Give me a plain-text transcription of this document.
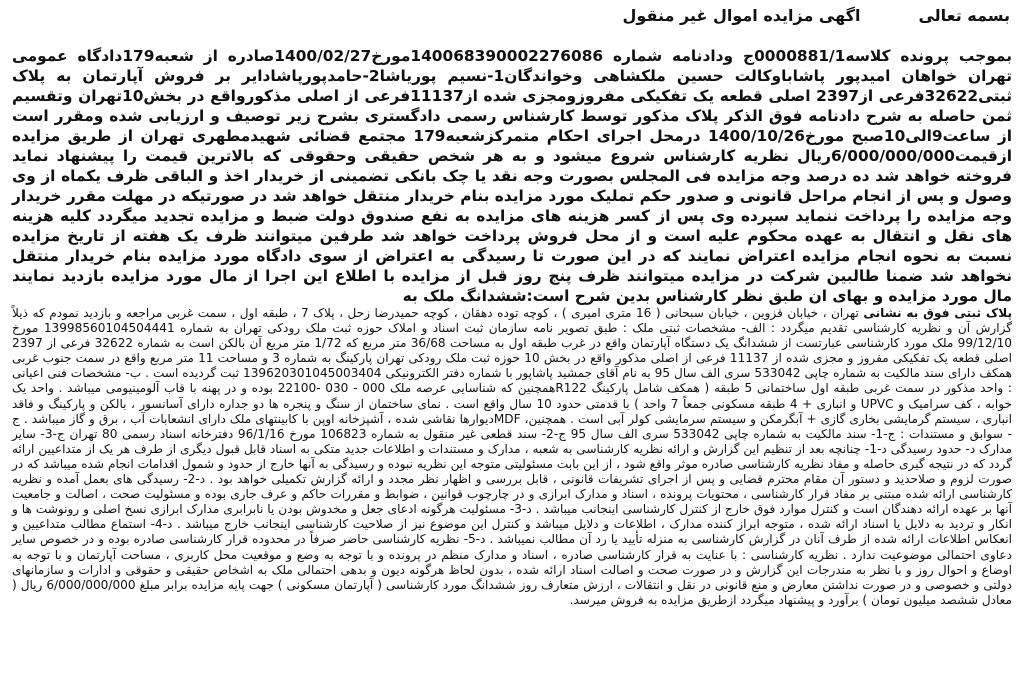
بسمه تعالی
اگهی مزایده اموال غیر منقول
بموجب پرونده کلاسه0000881/1ج ودادنامه شماره 140068390002276086مورخ1400/02/27صادره از شعبه179دادگاه عمومی تهران خواهان امیدپور پاشاباوکالت حسین ملکشاهی وخواندگان1-نسیم پوریاشا2-حامدپورپاشادایر بر فروش آپارتمان به پلاک ثبتی32622فرعی از2397 اصلی قطعه یک تفکیکی مفروزومجزی شده از11137فرعی از اصلی مذکورواقع در بخش10تهران وتقسیم ثمن حاصله به شرح دادنامه فوق الذکر پلاک مذکور توسط کارشناس رسمی دادگستری بشرح زیر توصیف و ارزیابی شده ومقرر است از ساعت9الی10صبح مورخ1400/10/26 درمحل اجرای احکام متمرکزشعبه179 مجتمع قضائی شهیدمطهری تهران از طریق مزایده ازقیمت6/000/000/000ریال نظریه کارشناس شروع میشود و به هر شخص حقیقی وحقوقی که بالاترین قیمت را پیشنهاد نماید فروخته خواهد شد ده درصد وجه مزایده فی المجلس بصورت وجه نقد یا چک بانکی تضمینی از خریدار اخذ و الباقی ظرف یکماه از وی وصول و پس از انجام مراحل قانونی و صدور حکم تملیک مورد مزایده بنام خریدار منتقل خواهد شد در صورتیکه در مهلت مقرر خریدار وجه مزایده را پرداخت ننماید سپرده وی پس از کسر هزینه های مزایده به نفع صندوق دولت ضبط و مزایده تجدید میگردد کلیه هزینه های نقل و انتقال به عهده محکوم علیه است و از محل فروش پرداخت خواهد شد طرفین میتوانند ظرف یک هفته از تاریخ مزایده نسبت به نحوه انجام مزایده اعتراض نمایند که در این صورت تا رسیدگی به اعتراض از سوی دادگاه مورد مزایده بنام خریدار منتقل نخواهد شد ضمنا طالبین شرکت در مزایده میتوانند ظرف پنج روز قبل از مزایده با اطلاع این اجرا از مال مورد مزایده بازدید نمایند مال مورد مزایده و بهای ان طبق نظر کارشناس بدین شرح است:ششدانگ ملک به
پلاک ثبتی فوق به نشانی تهران ، خیابان قزوین ، خیابان سبحانی ( 16 متری امیری ) ، کوچه توده دهقان ، کوچه حمیدرضا زحل ، پلاک 7 ، طبقه اول ، سمت غربی مراجعه و بازدید نمودم که ذیلاً گزارش آن و نظریه کارشناسی تقدیم میگردد : الف- مشخصات ثبتی ملک : طبق تصویر نامه سازمان ثبت اسناد و املاک حوزه ثبت ملک رودکی تهران به شماره 13998560104504441 مورخ 99/12/10 ملک مورد کارشناسی عبارتست از ششدانگ یک دستگاه آپارتمان واقع در غرب طبقه اول به مساحت 36/68 متر مربع که 1/72 متر مربع آن بالکن است به شماره 32622 فرعی از 2397 اصلی قطعه یک تفکیکی مفروز و مجزی شده از 11137 فرعی از اصلی مذکور واقع در بخش 10 حوزه ثبت ملک رودکی تهران پارکینگ به شماره 3 و مساحت 11 متر مربع واقع در سمت جنوب غربی همکف دارای سند مالکیت به شماره چاپی 533042 سری الف سال 95 به نام آقای جمشید پاشاپور با شماره دفتر الکترونیکی 139620301045003404 ثبت گردیده است . ب- مشخصات فنی اعیانی : واحد مذکور در سمت غربی طبقه اول ساختمانی 5 طبقه ( همکف شامل پارکینگ R122همچنین که شناسایی عرصه ملک 000 - 030 -22100 بوده و در پهنه با قاب آلومینیومی میباشد . واحد یک خوابه ، کف سرامیک و UPVC و انباری + 4 طبقه مسکونی جمعاً 7 واحد ) با قدمتی حدود 10 سال واقع است . نمای ساختمان از سنگ و پنجره ها دو جداره دارای آسانسور ، بالکن و پارکینگ و فاقد انباری ، سیستم گرمایشی بخاری گازی + آبگرمکن و سیستم سرمایشی کولر آبی است . همچنین، MDFدیوارها نقاشی شده ، آشپزخانه اوپن با کابینتهای ملک دارای انشعابات آب ، برق و گاز میباشد . ج - سوابق و مستندات : ج-1- سند مالکیت به شماره چاپی 533042 سری الف سال 95 ج-2- سند قطعی غیر منقول به شماره 106823 مورخ 96/1/16 دفترخانه اسناد رسمی 80 تهران ج-3- سایر مدارک د- حدود رسیدگی د-1- چنانچه بعد از تنظیم این گزارش و ارائه نظریه کارشناسی به شعبه ، مدارک و مستندات و اطلاعات جدید متکی به اسناد قابل قبول دیگری از طرف هر یک از متداعیین ارائه گردد که در نتیجه گیری حاصله و مفاد نظریه کارشناسی صادره موثر واقع شود ، از این بابت مسئولیتی متوجه این نظریه نبوده و رسیدگی به آنها خارج از حدود و شمول اقدامات انجام شده میباشد که در صورت لزوم و صلاحدید و دستور آن مقام محترم قضایی و پس از اجرای تشریفات قانونی ، قابل بررسی و اظهار نظر مجدد و ارائه گزارش تکمیلی خواهد بود . د-2- رسیدگی های بعمل آمده و نظریه کارشناسی ارائه شده مبتنی بر مفاد قرار کارشناسی ، محتویات پرونده ، اسناد و مدارک ابرازی و در چارچوب قوانین ، ضوابط و مقررات حاکم و عرف جاری بوده و مسئولیت صحت ، اصالت و جامعیت آنها بر عهده ارائه دهندگان است و کنترل موارد فوق خارج از کنترل کارشناسی اینجانب میباشد . د-3- مسئولیت هرگونه ادعای جعل و مخدوش بودن یا نابرابری مدارک ابرازی نسخ اصلی و رونوشت ها و انکار و تردید به دلایل یا اسناد ارائه شده ، متوجه ابراز کننده مدارک ، اطلاعات و دلایل میباشد و کنترل این موضوع نیز از صلاحیت کارشناسی اینجانب خارج میباشد . د-4- استماع مطالب متداعیین و انعکاس اطلاعات ارائه شده از طرف آنان در گزارش کارشناسی به منزله تأیید یا رد آن مطالب نمیباشد . د-5- نظریه کارشناسی حاضر صرفاً در محدوده قرار کارشناسی صادره بوده و در خصوص سایر دعاوی احتمالی موضوعیت ندارد . نظریه کارشناسی : با عنایت به قرار کارشناسی صادره ، اسناد و مدارک منظم در پرونده و با توجه به وضع و موقعیت محل کاربری ، مساحت آپارتمان و با توجه به اوضاع و احوال روز و با نظر به مندرجات این گزارش و در صورت صحت و اصالت اسناد ارائه شده ، بدون لحاظ هرگونه دیون و بدهی احتمالی ملک به اشخاص حقیقی و حقوقی و ادارات و سازمانهای دولتی و خصوصی و در صورت نداشتن معارض و منع قانونی در نقل و انتقالات ، ارزش متعارف روز ششدانگ مورد کارشناسی ( آپارتمان مسکونی ) جهت پایه مزایده برابر مبلغ 6/000/000/000 ریال ( معادل ششصد میلیون تومان ) برآورد و پیشنهاد میگردد ازطریق مزایده به فروش میرسد.
